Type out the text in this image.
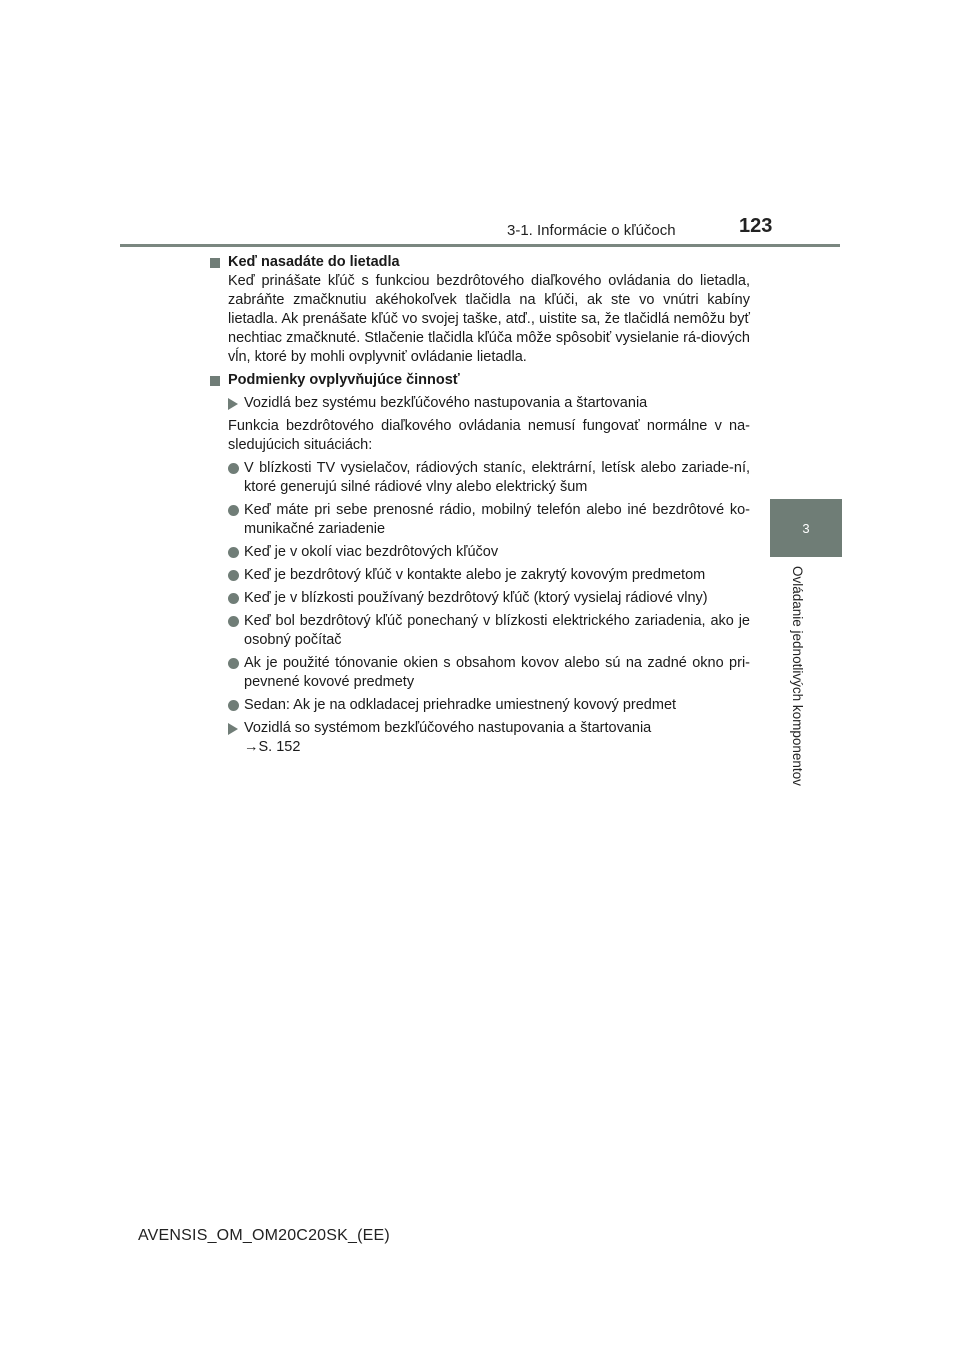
3-1. Informácie o kľúčoch	123
3
Ovládanie jednotlivých komponentov
Keď nasadáte do lietadla
Keď prinášate kľúč s funkciou bezdrôtového diaľkového ovládania do lietadla, zabráňte zmačknutiu akéhokoľvek tlačidla na kľúči, ak ste vo vnútri kabíny lietadla. Ak prenášate kľúč vo svojej taške, atď., uistite sa, že tlačidlá nemôžu byť nechtiac zmačknuté. Stlačenie tlačidla kľúča môže spôsobiť vysielanie rá-diových vĺn, ktoré by mohli ovplyvniť ovládanie lietadla.
Podmienky ovplyvňujúce činnosť
Vozidlá bez systému bezkľúčového nastupovania a štartovania
Funkcia bezdrôtového diaľkového ovládania nemusí fungovať normálne v na-sledujúcich situáciách:
V blízkosti TV vysielačov, rádiových staníc, elektrární, letísk alebo zariade-ní, ktoré generujú silné rádiové vlny alebo elektrický šum
Keď máte pri sebe prenosné rádio, mobilný telefón alebo iné bezdrôtové ko-munikačné zariadenie
Keď je v okolí viac bezdrôtových kľúčov
Keď je bezdrôtový kľúč v kontakte alebo je zakrytý kovovým predmetom
Keď je v blízkosti používaný bezdrôtový kľúč (ktorý vysielaj rádiové vlny)
Keď bol bezdrôtový kľúč ponechaný v blízkosti elektrického zariadenia, ako je osobný počítač
Ak je použité tónovanie okien s obsahom kovov alebo sú na zadné okno pri-pevnené kovové predmety
Sedan: Ak je na odkladacej priehradke umiestnený kovový predmet
Vozidlá so systémom bezkľúčového nastupovania a štartovania
→S. 152
AVENSIS_OM_OM20C20SK_(EE)
